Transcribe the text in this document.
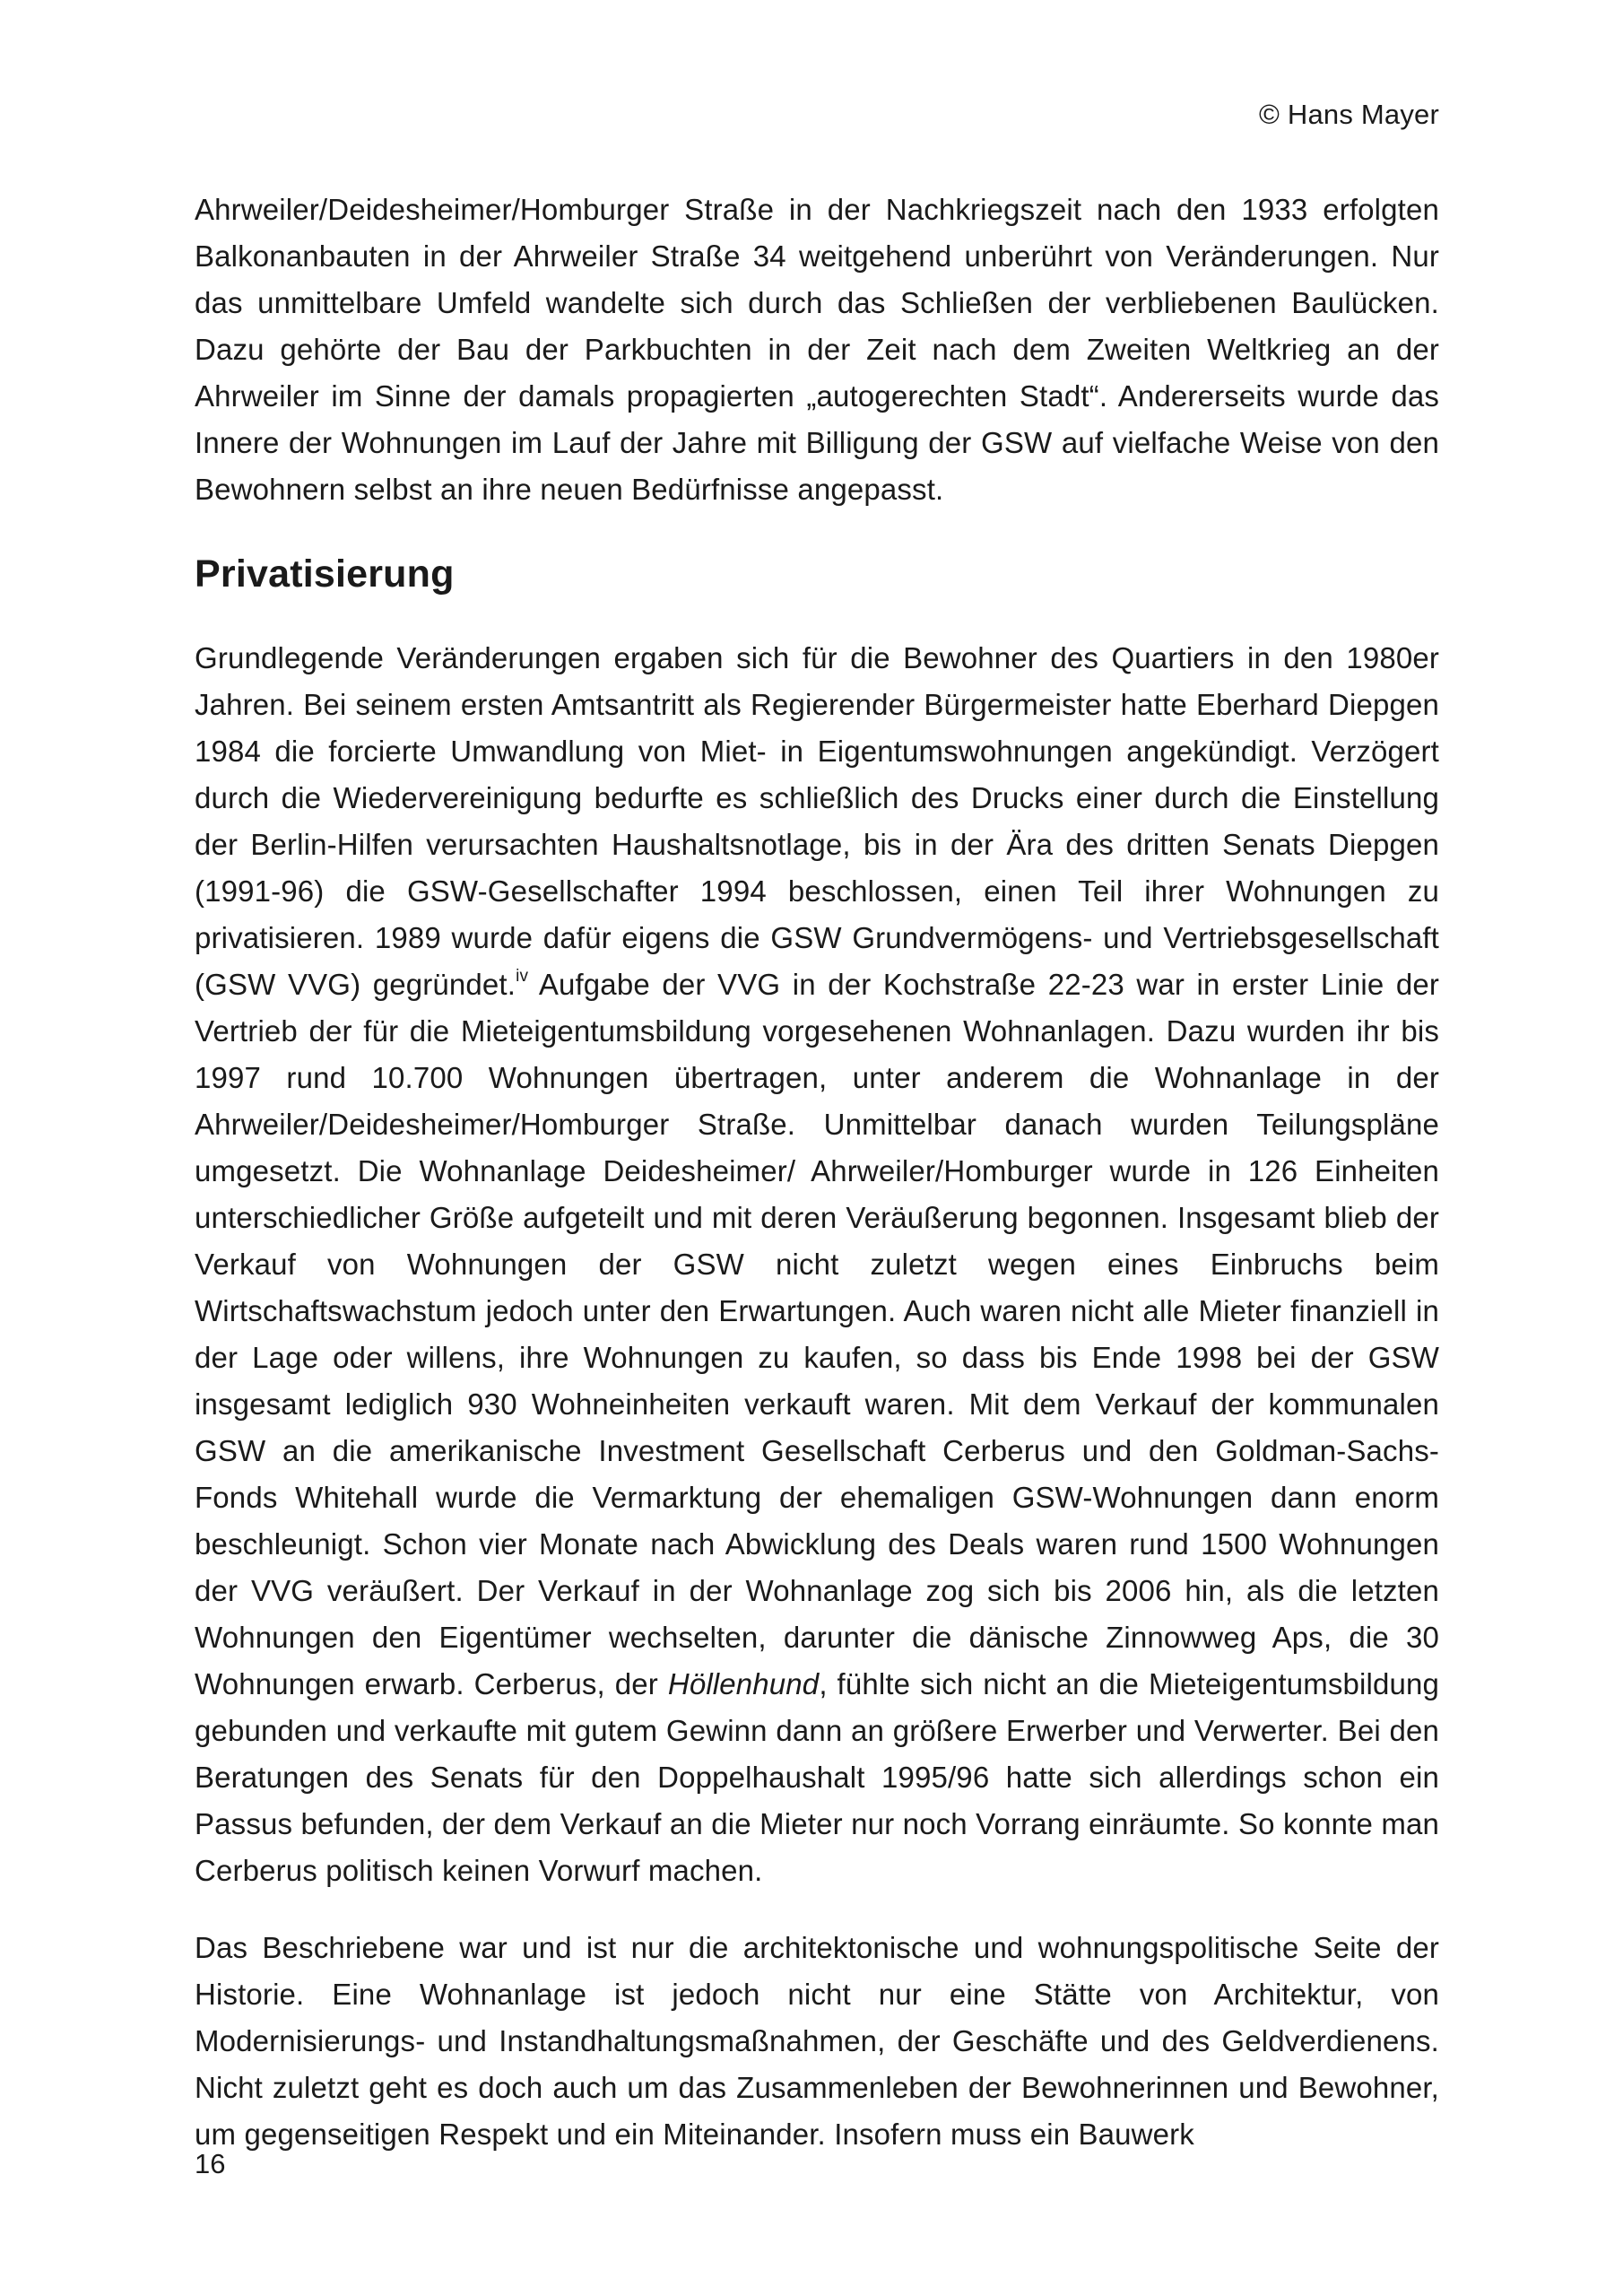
© Hans Mayer

Ahrweiler/Deidesheimer/Homburger Straße in der Nachkriegszeit nach den 1933 erfolgten Balkonanbauten in der Ahrweiler Straße 34 weitgehend unberührt von Veränderungen. Nur das unmittelbare Umfeld wandelte sich durch das Schließen der verbliebenen Baulücken. Dazu gehörte der Bau der Parkbuchten in der Zeit nach dem Zweiten Weltkrieg an der Ahrweiler im Sinne der damals propagierten „autogerechten Stadt“. Andererseits wurde das Innere der Wohnungen im Lauf der Jahre mit Billigung der GSW auf vielfache Weise von den Bewohnern selbst an ihre neuen Bedürfnisse angepasst.

Privatisierung

Grundlegende Veränderungen ergaben sich für die Bewohner des Quartiers in den 1980er Jahren. Bei seinem ersten Amtsantritt als Regierender Bürgermeister hatte Eberhard Diepgen 1984 die forcierte Umwandlung von Miet- in Eigentumswohnungen angekündigt. Verzögert durch die Wiedervereinigung bedurfte es schließlich des Drucks einer durch die Einstellung der Berlin-Hilfen verursachten Haushaltsnotlage, bis in der Ära des dritten Senats Diepgen (1991-96) die GSW-Gesellschafter 1994 beschlossen, einen Teil ihrer Wohnungen zu privatisieren. 1989 wurde dafür eigens die GSW Grundvermögens- und Vertriebsgesellschaft (GSW VVG) gegründet.$^{iv}$ Aufgabe der VVG in der Kochstraße 22-23 war in erster Linie der Vertrieb der für die Mieteigentumsbildung vorgesehenen Wohnanlagen. Dazu wurden ihr bis 1997 rund 10.700 Wohnungen übertragen, unter anderem die Wohnanlage in der Ahrweiler/Deidesheimer/Homburger Straße. Unmittelbar danach wurden Teilungspläne umgesetzt. Die Wohnanlage Deidesheimer/ Ahrweiler/Homburger wurde in 126 Einheiten unterschiedlicher Größe aufgeteilt und mit deren Veräußerung begonnen. Insgesamt blieb der Verkauf von Wohnungen der GSW nicht zuletzt wegen eines Einbruchs beim Wirtschaftswachstum jedoch unter den Erwartungen. Auch waren nicht alle Mieter finanziell in der Lage oder willens, ihre Wohnungen zu kaufen, so dass bis Ende 1998 bei der GSW insgesamt lediglich 930 Wohneinheiten verkauft waren. Mit dem Verkauf der kommunalen GSW an die amerikanische Investment Gesellschaft Cerberus und den Goldman-Sachs-Fonds Whitehall wurde die Vermarktung der ehemaligen GSW-Wohnungen dann enorm beschleunigt. Schon vier Monate nach Abwicklung des Deals waren rund 1500 Wohnungen der VVG veräußert. Der Verkauf in der Wohnanlage zog sich bis 2006 hin, als die letzten Wohnungen den Eigentümer wechselten, darunter die dänische Zinnowweg Aps, die 30 Wohnungen erwarb. Cerberus, der Höllenhund, fühlte sich nicht an die Mieteigentumsbildung gebunden und verkaufte mit gutem Gewinn dann an größere Erwerber und Verwerter. Bei den Beratungen des Senats für den Doppelhaushalt 1995/96 hatte sich allerdings schon ein Passus befunden, der dem Verkauf an die Mieter nur noch Vorrang einräumte. So konnte man Cerberus politisch keinen Vorwurf machen.

Das Beschriebene war und ist nur die architektonische und wohnungspolitische Seite der Historie. Eine Wohnanlage ist jedoch nicht nur eine Stätte von Architektur, von Modernisierungs- und Instandhaltungsmaßnahmen, der Geschäfte und des Geldverdienens. Nicht zuletzt geht es doch auch um das Zusammenleben der Bewohnerinnen und Bewohner, um gegenseitigen Respekt und ein Miteinander. Insofern muss ein Bauwerk

16
